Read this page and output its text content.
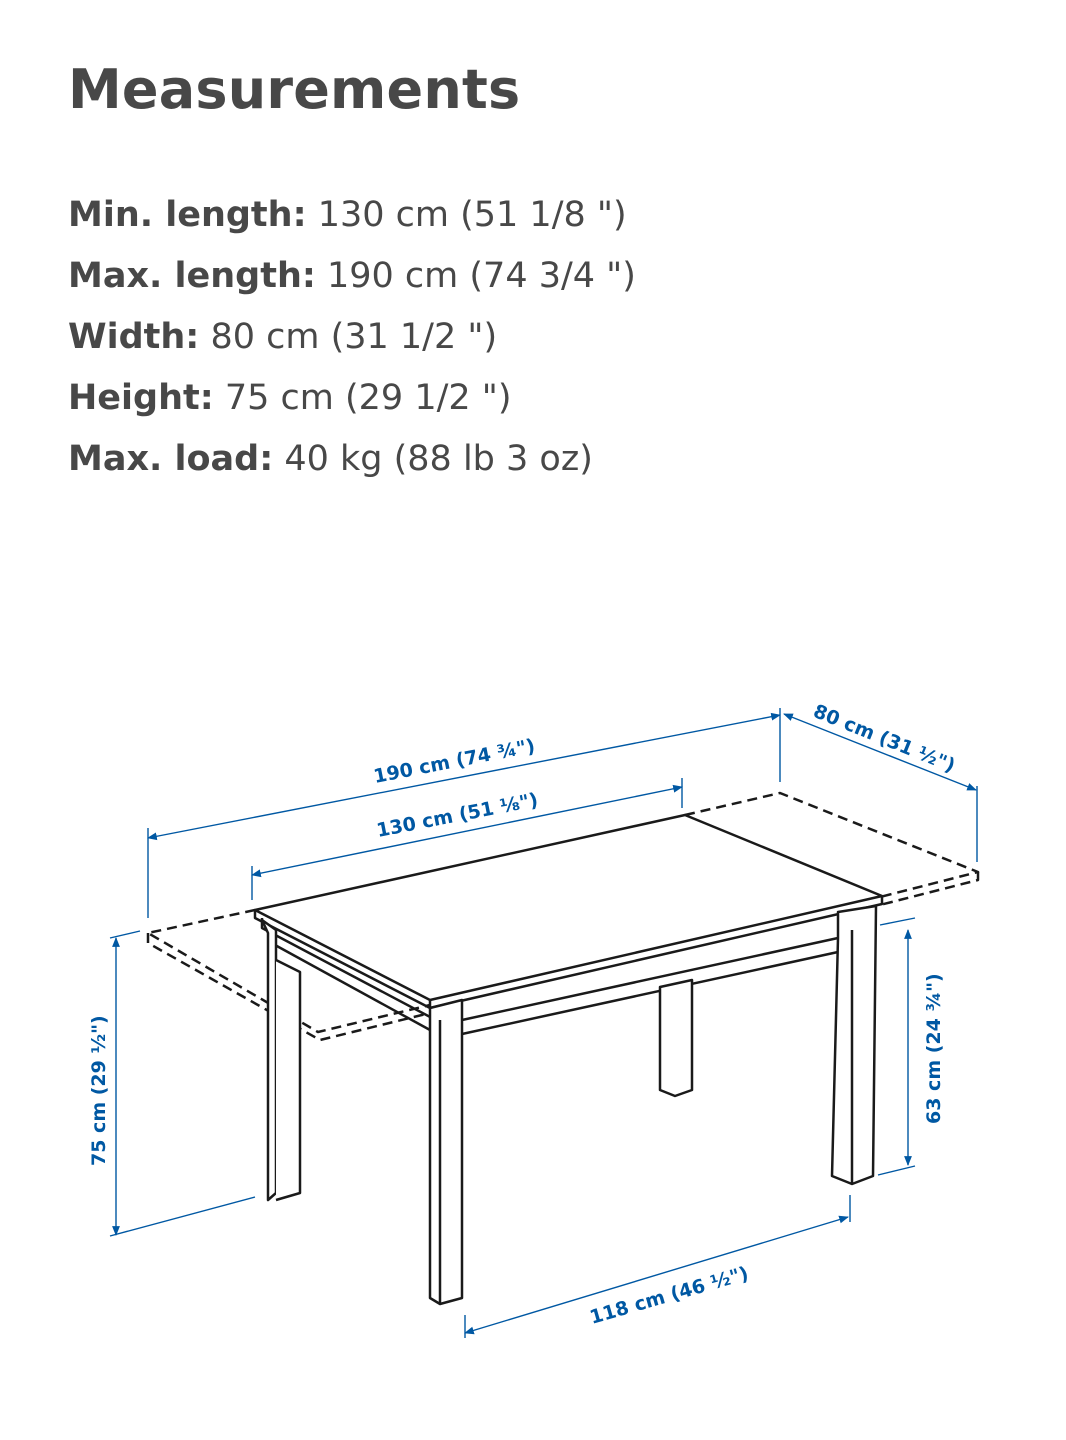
Measurements
Min. length: 130 cm (51 1/8 ")
Max. length: 190 cm (74 3/4 ")
Width: 80 cm (31 1/2 ")
Height: 75 cm (29 1/2 ")
Max. load: 40 kg (88 lb 3 oz)
190 cm (74 ¾")
130 cm (51 ⅛")
80 cm (31 ½")
75 cm (29 ½")	63 cm (24 ¾")
118 cm (46 ½")
